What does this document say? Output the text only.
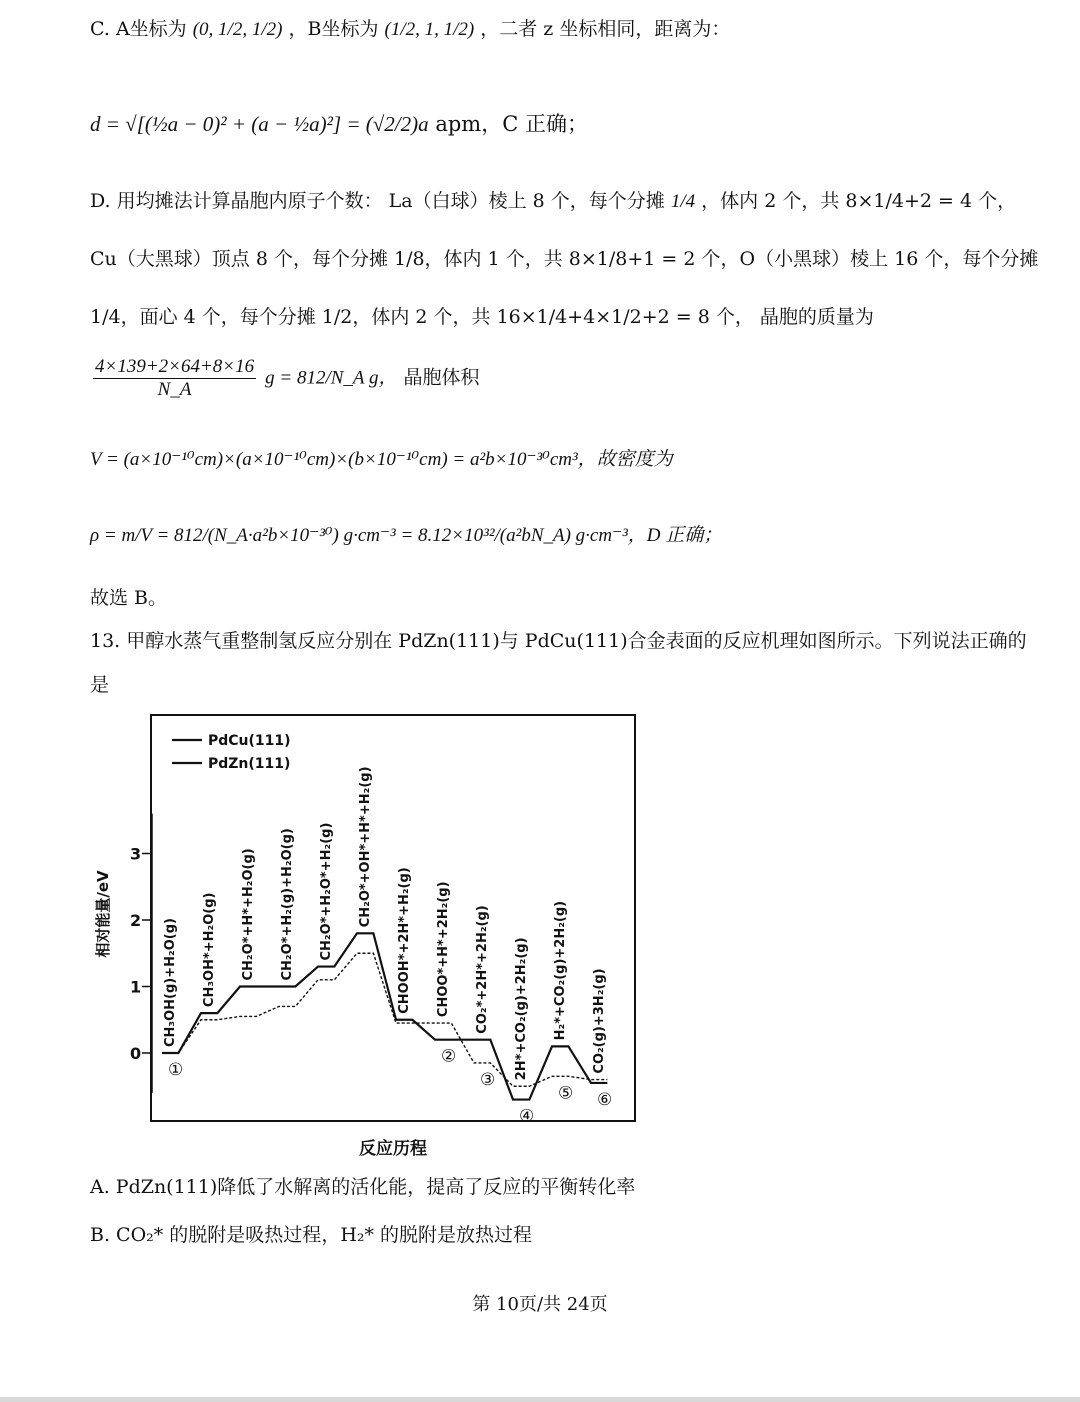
C. A坐标为 (0, 1/2, 1/2) ，B坐标为 (1/2, 1, 1/2) ，二者 z 坐标相同，距离为：
d = √[(½a − 0)² + (a − ½a)²] = (√2/2)a apm，C 正确；
D. 用均摊法计算晶胞内原子个数： La（白球）棱上 8 个，每个分摊 1/4 ，体内 2 个，共 8×1/4+2 = 4 个，
Cu（大黑球）顶点 8 个，每个分摊 1/8，体内 1 个，共 8×1/8+1 = 2 个，O（小黑球）棱上 16 个，每个分摊
1/4，面心 4 个，每个分摊 1/2，体内 2 个，共 16×1/4+4×1/2+2 = 8 个， 晶胞的质量为
$\frac{4\times 139+2\times 64+8\times 16}{N\_A}$ g = 812/N_A g， 晶胞体积
V = (a×10⁻¹⁰cm)×(a×10⁻¹⁰cm)×(b×10⁻¹⁰cm) = a²b×10⁻³⁰cm³，故密度为
ρ = m/V = 812/(N_A·a²b×10⁻³⁰) g·cm⁻³ = 8.12×10³²/(a²bN_A) g·cm⁻³，D 正确；
故选 B。
13. 甲醇水蒸气重整制氢反应分别在 PdZn(111)与 PdCu(111)合金表面的反应机理如图所示。下列说法正确的
是
PdCu(111)
PdZn(111)
CH₃OH(g)+H₂O(g) CH₃OH*+H₂O(g) CH₂O*+H*+H₂O(g) CH₂O*+H₂(g)+H₂O(g) CH₂O*+H₂O*+H₂(g) CH₂O*+OH*+H*+H₂(g)
CHOOH*+2H*+H₂(g) CHOO*+H*+2H₂(g) CO₂*+2H*+2H₂(g) 2H*+CO₂(g)+2H₂(g) H₂*+CO₂(g)+2H₂(g) CO₂(g)+3H₂(g)
①
②
③
④
⑤ ⑥
0
1
2
3
相对能量/eV
反应历程
A. PdZn(111)降低了水解离的活化能，提高了反应的平衡转化率
B. CO₂* 的脱附是吸热过程，H₂* 的脱附是放热过程
第 10页/共 24页
